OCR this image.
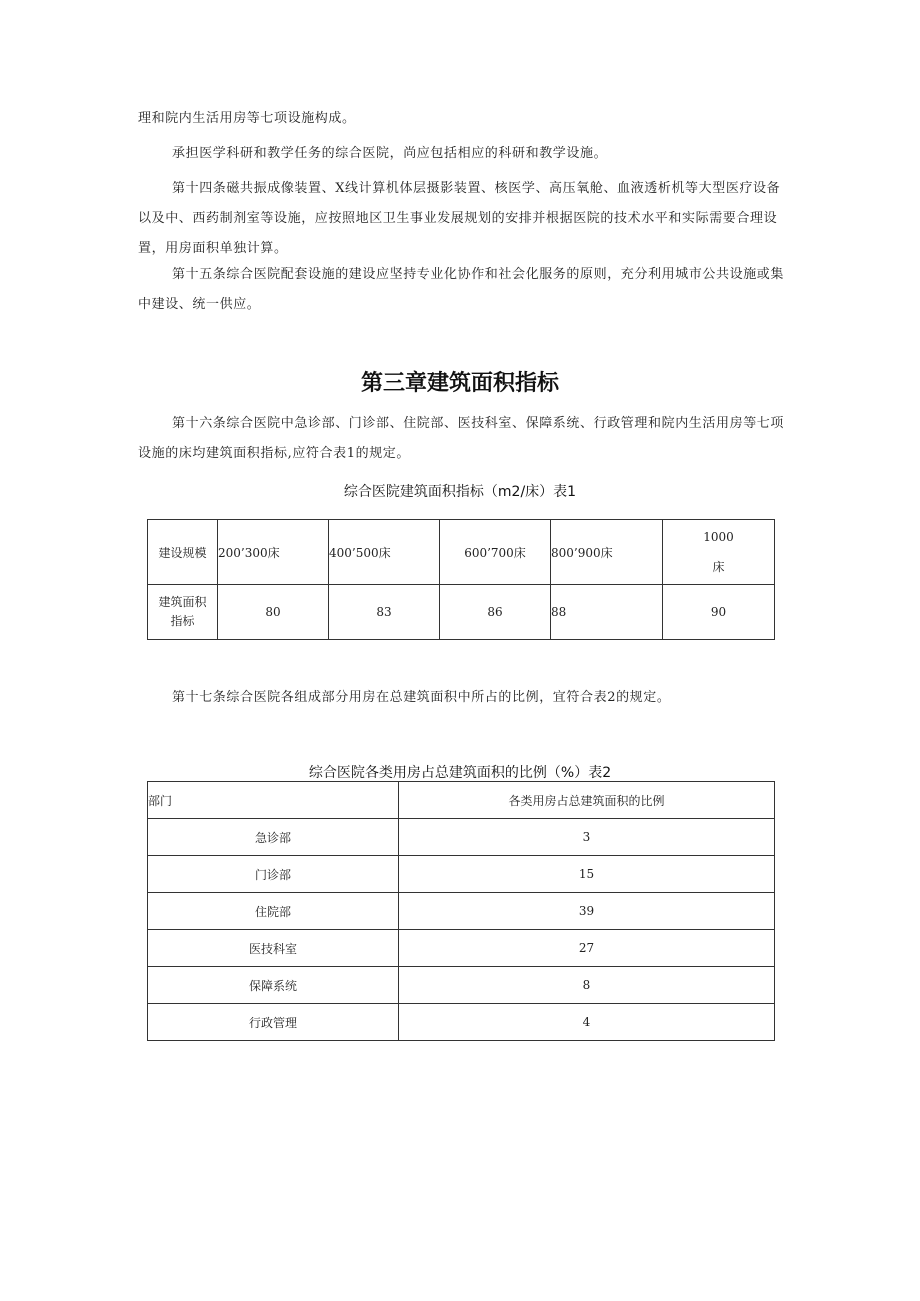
理和院内生活用房等七项设施构成。

承担医学科研和教学任务的综合医院，尚应包括相应的科研和教学设施。

第十四条磁共振成像装置、X线计算机体层摄影装置、核医学、高压氧舱、血液透析机等大型医疗设备以及中、西药制剂室等设施，应按照地区卫生事业发展规划的安排并根据医院的技术水平和实际需要合理设置，用房面积单独计算。

第十五条综合医院配套设施的建设应坚持专业化协作和社会化服务的原则，充分利用城市公共设施或集中建设、统一供应。

第三章建筑面积指标

第十六条综合医院中急诊部、门诊部、住院部、医技科室、保障系统、行政管理和院内生活用房等七项设施的床均建筑面积指标,应符合表1的规定。

综合医院建筑面积指标（m2/床）表1
建设规模	200’300床	400’500床	600’700床	800’900床	1000
床
建筑面积
指标	80	83	86	88	90

第十七条综合医院各组成部分用房在总建筑面积中所占的比例，宜符合表2的规定。

综合医院各类用房占总建筑面积的比例（%）表2
部门	各类用房占总建筑面积的比例
急诊部	3
门诊部	15
住院部	39
医技科室	27
保障系统	8
行政管理	4
